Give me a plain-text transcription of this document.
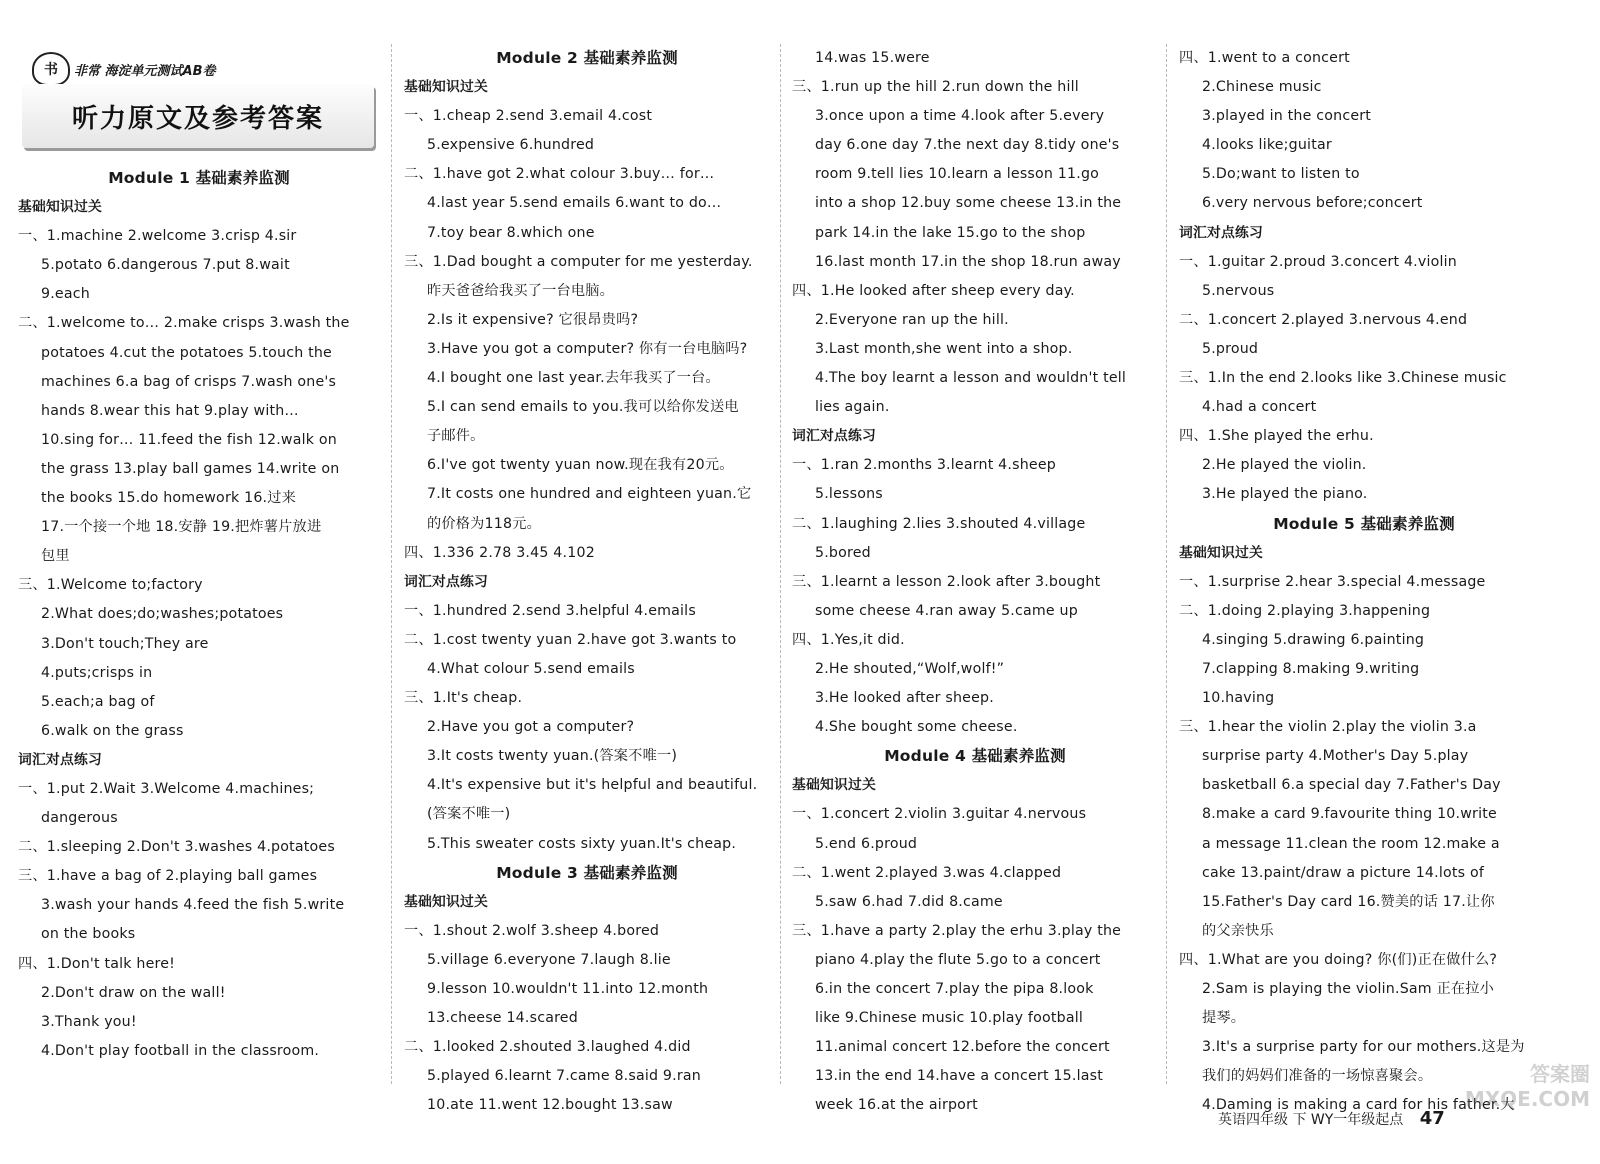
书	非常 海淀单元测试AB卷
听力原文及参考答案

Module 1 基础素养监测

基础知识过关

一、1.machine 2.welcome 3.crisp 4.sir

5.potato 6.dangerous 7.put 8.wait

9.each

二、1.welcome to… 2.make crisps 3.wash the

potatoes 4.cut the potatoes 5.touch the

machines 6.a bag of crisps 7.wash one's

hands 8.wear this hat 9.play with…

10.sing for… 11.feed the fish 12.walk on

the grass 13.play ball games 14.write on

the books 15.do homework 16.过来

17.一个接一个地 18.安静 19.把炸薯片放进

包里

三、1.Welcome to;factory

2.What does;do;washes;potatoes

3.Don't touch;They are

4.puts;crisps in

5.each;a bag of

6.walk on the grass

词汇对点练习

一、1.put 2.Wait 3.Welcome 4.machines;

dangerous

二、1.sleeping 2.Don't 3.washes 4.potatoes

三、1.have a bag of 2.playing ball games

3.wash your hands 4.feed the fish 5.write

on the books

四、1.Don't talk here!

2.Don't draw on the wall!

3.Thank you!

4.Don't play football in the classroom.

Module 2 基础素养监测

基础知识过关

一、1.cheap 2.send 3.email 4.cost

5.expensive 6.hundred

二、1.have got 2.what colour 3.buy… for…

4.last year 5.send emails 6.want to do…

7.toy bear 8.which one

三、1.Dad bought a computer for me yesterday.

昨天爸爸给我买了一台电脑。

2.Is it expensive? 它很昂贵吗?

3.Have you got a computer? 你有一台电脑吗?

4.I bought one last year.去年我买了一台。

5.I can send emails to you.我可以给你发送电

子邮件。

6.I've got twenty yuan now.现在我有20元。

7.It costs one hundred and eighteen yuan.它

的价格为118元。

四、1.336 2.78 3.45 4.102

词汇对点练习

一、1.hundred 2.send 3.helpful 4.emails

二、1.cost twenty yuan 2.have got 3.wants to

4.What colour 5.send emails

三、1.It's cheap.

2.Have you got a computer?

3.It costs twenty yuan.(答案不唯一)

4.It's expensive but it's helpful and beautiful.

(答案不唯一)

5.This sweater costs sixty yuan.It's cheap.

Module 3 基础素养监测

基础知识过关

一、1.shout 2.wolf 3.sheep 4.bored

5.village 6.everyone 7.laugh 8.lie

9.lesson 10.wouldn't 11.into 12.month

13.cheese 14.scared

二、1.looked 2.shouted 3.laughed 4.did

5.played 6.learnt 7.came 8.said 9.ran

10.ate 11.went 12.bought 13.saw

14.was 15.were

三、1.run up the hill 2.run down the hill

3.once upon a time 4.look after 5.every

day 6.one day 7.the next day 8.tidy one's

room 9.tell lies 10.learn a lesson 11.go

into a shop 12.buy some cheese 13.in the

park 14.in the lake 15.go to the shop

16.last month 17.in the shop 18.run away

四、1.He looked after sheep every day.

2.Everyone ran up the hill.

3.Last month,she went into a shop.

4.The boy learnt a lesson and wouldn't tell

lies again.

词汇对点练习

一、1.ran 2.months 3.learnt 4.sheep

5.lessons

二、1.laughing 2.lies 3.shouted 4.village

5.bored

三、1.learnt a lesson 2.look after 3.bought

some cheese 4.ran away 5.came up

四、1.Yes,it did.

2.He shouted,“Wolf,wolf!”

3.He looked after sheep.

4.She bought some cheese.

Module 4 基础素养监测

基础知识过关

一、1.concert 2.violin 3.guitar 4.nervous

5.end 6.proud

二、1.went 2.played 3.was 4.clapped

5.saw 6.had 7.did 8.came

三、1.have a party 2.play the erhu 3.play the

piano 4.play the flute 5.go to a concert

6.in the concert 7.play the pipa 8.look

like 9.Chinese music 10.play football

11.animal concert 12.before the concert

13.in the end 14.have a concert 15.last

week 16.at the airport

四、1.went to a concert

2.Chinese music

3.played in the concert

4.looks like;guitar

5.Do;want to listen to

6.very nervous before;concert

词汇对点练习

一、1.guitar 2.proud 3.concert 4.violin

5.nervous

二、1.concert 2.played 3.nervous 4.end

5.proud

三、1.In the end 2.looks like 3.Chinese music

4.had a concert

四、1.She played the erhu.

2.He played the violin.

3.He played the piano.

Module 5 基础素养监测

基础知识过关

一、1.surprise 2.hear 3.special 4.message

二、1.doing 2.playing 3.happening

4.singing 5.drawing 6.painting

7.clapping 8.making 9.writing

10.having

三、1.hear the violin 2.play the violin 3.a

surprise party 4.Mother's Day 5.play

basketball 6.a special day 7.Father's Day

8.make a card 9.favourite thing 10.write

a message 11.clean the room 12.make a

cake 13.paint/draw a picture 14.lots of

15.Father's Day card 16.赞美的话 17.让你

的父亲快乐

四、1.What are you doing? 你(们)正在做什么?

2.Sam is playing the violin.Sam 正在拉小

提琴。

3.It's a surprise party for our mothers.这是为

我们的妈妈们准备的一场惊喜聚会。

4.Daming is making a card for his father.大

英语四年级 下 WY一年级起点 47
答案圈 MXQE.COM
